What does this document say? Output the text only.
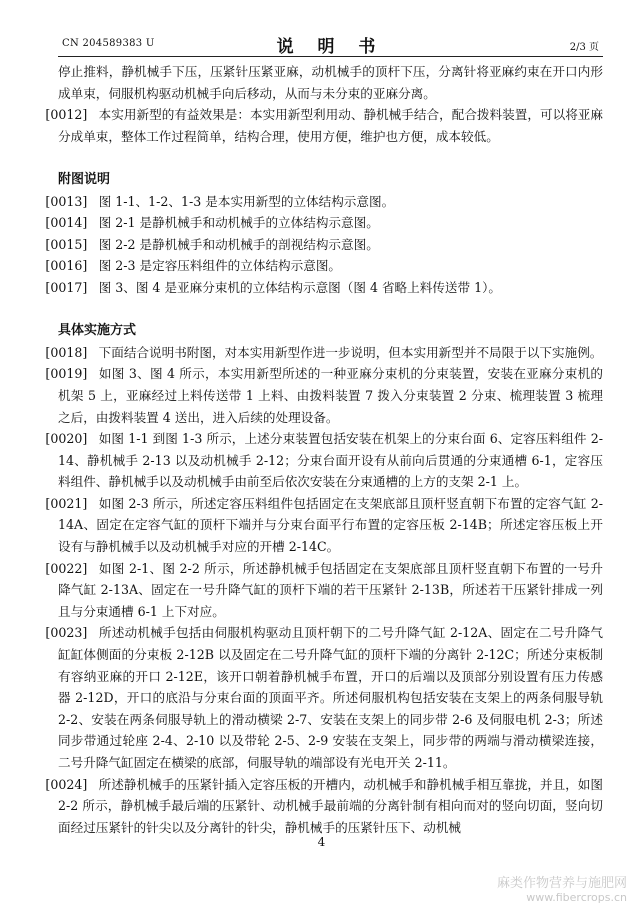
CN 204589383 U	说 明 书	2/3 页

停止推料，静机械手下压，压紧针压紧亚麻，动机械手的顶杆下压，分离针将亚麻约束在开口内形成单束，伺服机构驱动机械手向后移动，从而与未分束的亚麻分离。

[0012] 本实用新型的有益效果是：本实用新型利用动、静机械手结合，配合拨料装置，可以将亚麻分成单束，整体工作过程简单，结构合理，使用方便，维护也方便，成本较低。

附图说明

[0013] 图 1-1、1-2、1-3 是本实用新型的立体结构示意图。

[0014] 图 2-1 是静机械手和动机械手的立体结构示意图。

[0015] 图 2-2 是静机械手和动机械手的剖视结构示意图。

[0016] 图 2-3 是定容压料组件的立体结构示意图。

[0017] 图 3、图 4 是亚麻分束机的立体结构示意图（图 4 省略上料传送带 1）。

具体实施方式

[0018] 下面结合说明书附图，对本实用新型作进一步说明，但本实用新型并不局限于以下实施例。

[0019] 如图 3、图 4 所示，本实用新型所述的一种亚麻分束机的分束装置，安装在亚麻分束机的机架 5 上，亚麻经过上料传送带 1 上料、由拨料装置 7 拨入分束装置 2 分束、梳理装置 3 梳理之后，由拨料装置 4 送出，进入后续的处理设备。

[0020] 如图 1-1 到图 1-3 所示，上述分束装置包括安装在机架上的分束台面 6、定容压料组件 2-14、静机械手 2-13 以及动机械手 2-12；分束台面开设有从前向后贯通的分束通槽 6-1，定容压料组件、静机械手以及动机械手由前至后依次安装在分束通槽的上方的支架 2-1 上。

[0021] 如图 2-3 所示，所述定容压料组件包括固定在支架底部且顶杆竖直朝下布置的定容气缸 2-14A、固定在定容气缸的顶杆下端并与分束台面平行布置的定容压板 2-14B；所述定容压板上开设有与静机械手以及动机械手对应的开槽 2-14C。

[0022] 如图 2-1、图 2-2 所示，所述静机械手包括固定在支架底部且顶杆竖直朝下布置的一号升降气缸 2-13A、固定在一号升降气缸的顶杆下端的若干压紧针 2-13B，所述若干压紧针排成一列且与分束通槽 6-1 上下对应。

[0023] 所述动机械手包括由伺服机构驱动且顶杆朝下的二号升降气缸 2-12A、固定在二号升降气缸缸体侧面的分束板 2-12B 以及固定在二号升降气缸的顶杆下端的分离针 2-12C；所述分束板制有容纳亚麻的开口 2-12E，该开口朝着静机械手布置，开口的后端以及顶部分别设置有压力传感器 2-12D，开口的底沿与分束台面的顶面平齐。所述伺服机构包括安装在支架上的两条伺服导轨 2-2、安装在两条伺服导轨上的滑动横梁 2-7、安装在支架上的同步带 2-6 及伺服电机 2-3；所述同步带通过轮座 2-4、2-10 以及带轮 2-5、2-9 安装在支架上，同步带的两端与滑动横梁连接，二号升降气缸固定在横梁的底部，伺服导轨的端部设有光电开关 2-11。

[0024] 所述静机械手的压紧针插入定容压板的开槽内，动机械手和静机械手相互靠拢，并且，如图 2-2 所示，静机械手最后端的压紧针、动机械手最前端的分离针制有相向而对的竖向切面，竖向切面经过压紧针的针尖以及分离针的针尖，静机械手的压紧针压下、动机械

4
麻类作物营养与施肥网
www.fibercrops.cn
